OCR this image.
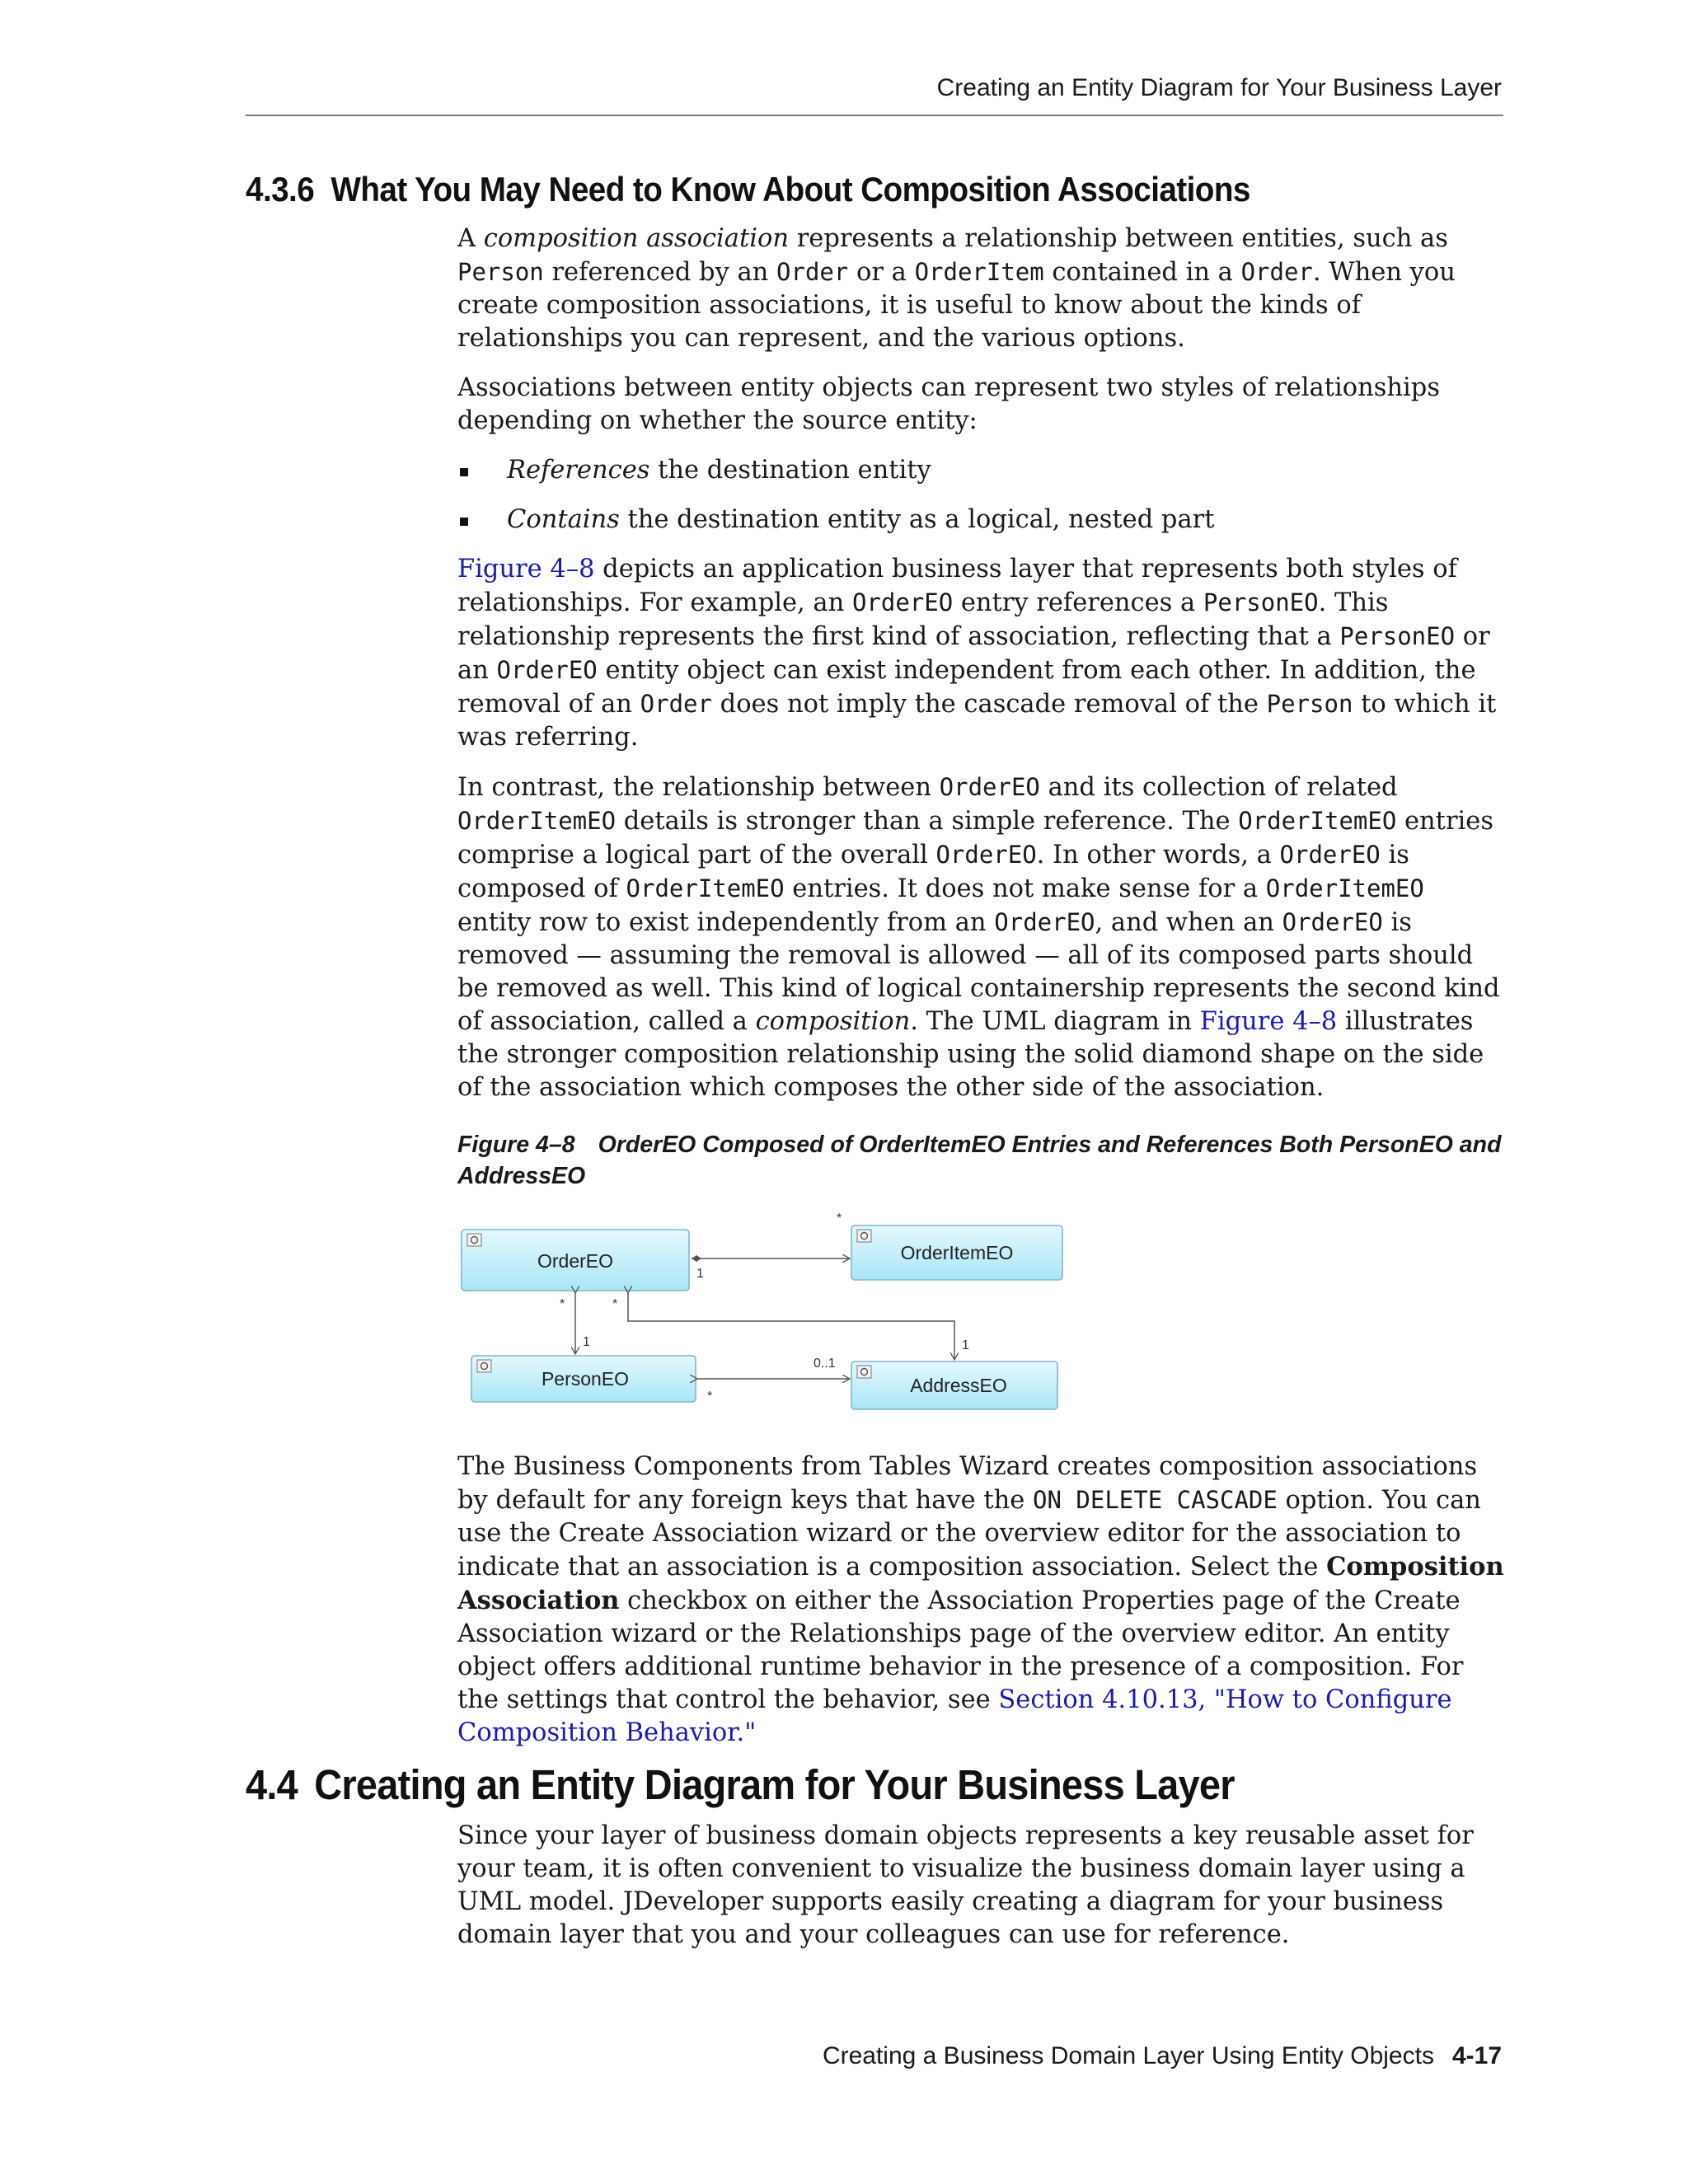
Creating an Entity Diagram for Your Business Layer
4.3.6 What You May Need to Know About Composition Associations

A composition association represents a relationship between entities, such as Person referenced by an Order or a OrderItem contained in a Order. When you create composition associations, it is useful to know about the kinds of relationships you can represent, and the various options.

Associations between entity objects can represent two styles of relationships depending on whether the source entity:

References the destination entity
Contains the destination entity as a logical, nested part

Figure 4–8 depicts an application business layer that represents both styles of relationships. For example, an OrderEO entry references a PersonEO. This relationship represents the first kind of association, reflecting that a PersonEO or an OrderEO entity object can exist independent from each other. In addition, the removal of an Order does not imply the cascade removal of the Person to which it was referring.

In contrast, the relationship between OrderEO and its collection of related OrderItemEO details is stronger than a simple reference. The OrderItemEO entries comprise a logical part of the overall OrderEO. In other words, a OrderEO is composed of OrderItemEO entries. It does not make sense for a OrderItemEO entity row to exist independently from an OrderEO, and when an OrderEO is removed — assuming the removal is allowed — all of its composed parts should be removed as well. This kind of logical containership represents the second kind of association, called a composition. The UML diagram in Figure 4–8 illustrates the stronger composition relationship using the solid diamond shape on the side of the association which composes the other side of the association.

Figure 4–8 OrderEO Composed of OrderItemEO Entries and References Both PersonEO and AddressEO
OrderEO	OrderItemEO
PersonEO	AddressEO
*
1
*
1
*
1
0..1
*

The Business Components from Tables Wizard creates composition associations by default for any foreign keys that have the ON DELETE CASCADE option. You can use the Create Association wizard or the overview editor for the association to indicate that an association is a composition association. Select the Composition Association checkbox on either the Association Properties page of the Create Association wizard or the Relationships page of the overview editor. An entity object offers additional runtime behavior in the presence of a composition. For the settings that control the behavior, see Section 4.10.13, "How to Configure Composition Behavior."

4.4 Creating an Entity Diagram for Your Business Layer

Since your layer of business domain objects represents a key reusable asset for your team, it is often convenient to visualize the business domain layer using a UML model. JDeveloper supports easily creating a diagram for your business domain layer that you and your colleagues can use for reference.

Creating a Business Domain Layer Using Entity Objects 4-17
